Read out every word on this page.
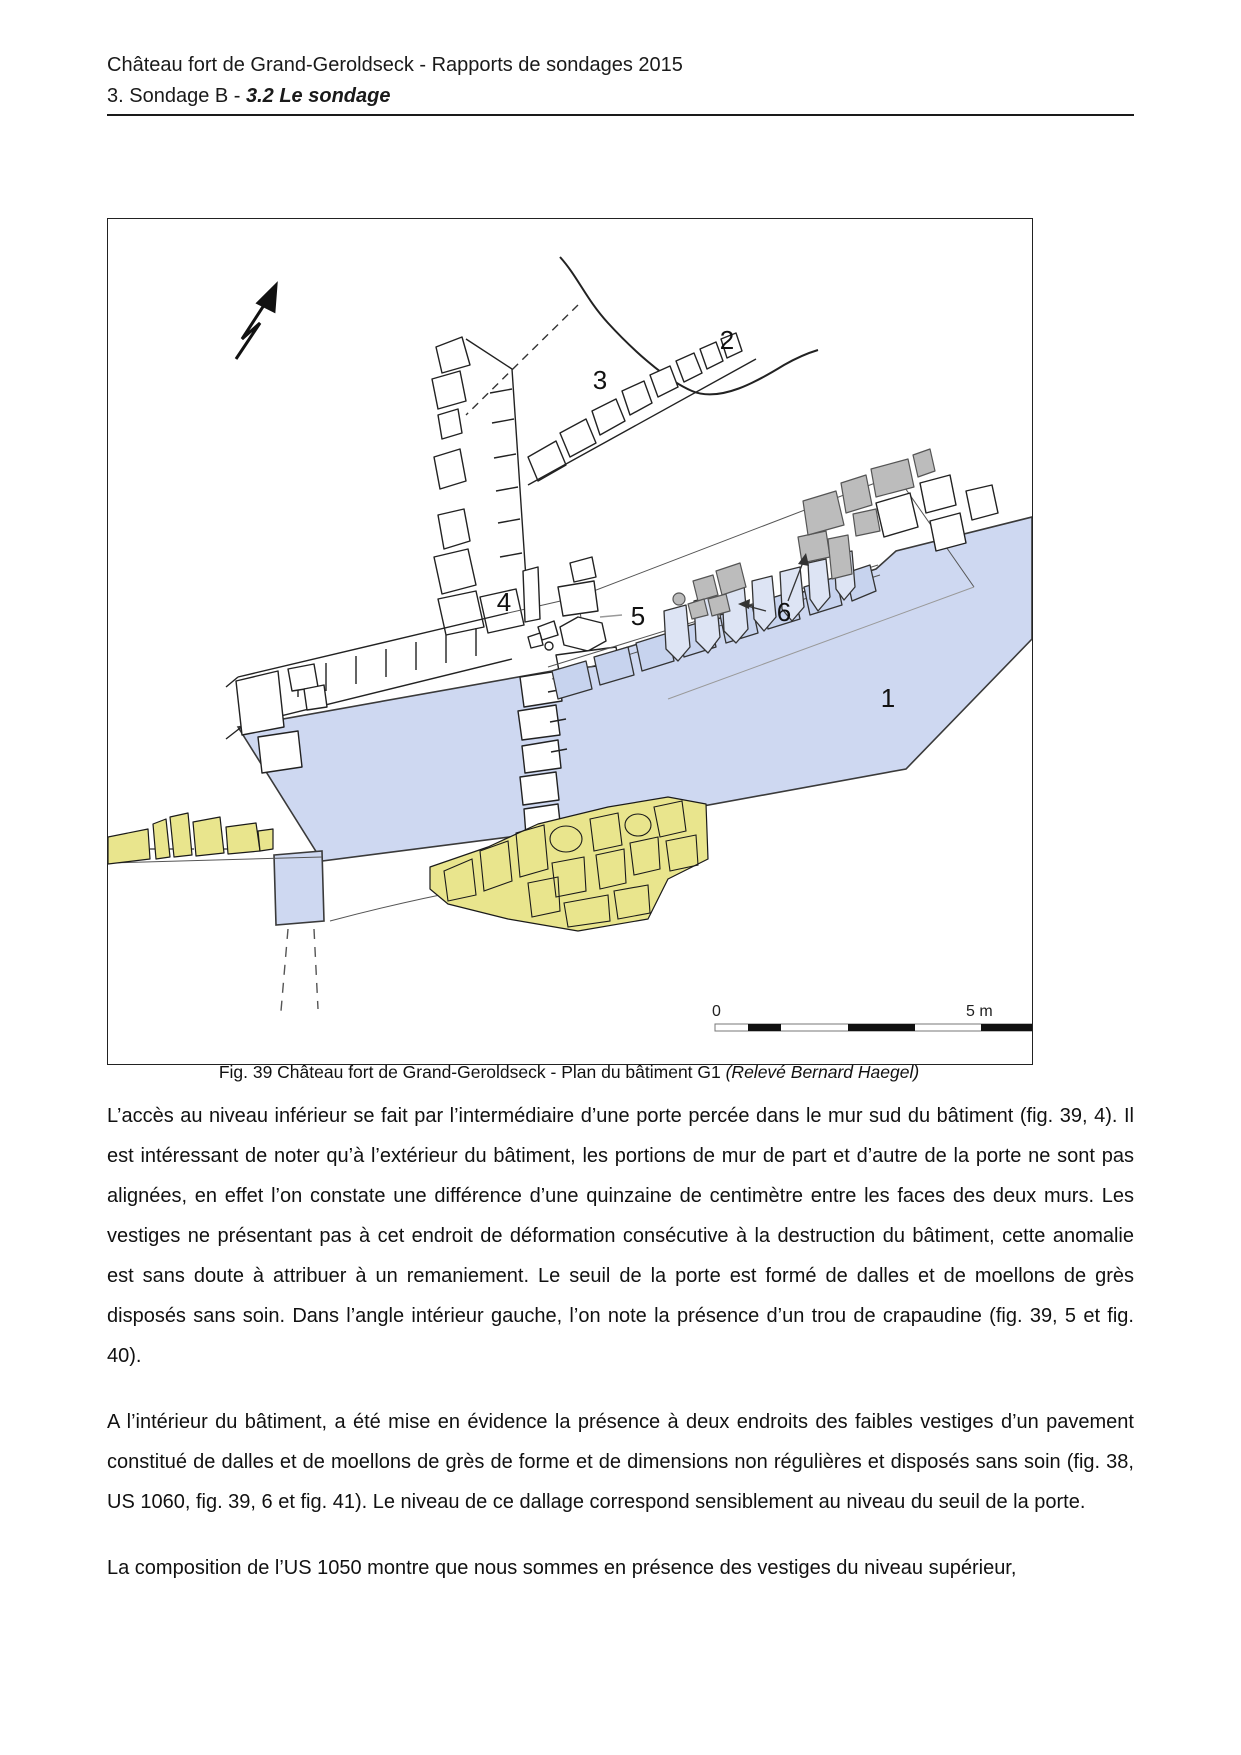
Château fort de Grand-Geroldseck - Rapports de sondages 2015
3. Sondage B - 3.2 Le sondage
1
2
3
4	5	6
0	5 m
Fig. 39 Château fort de Grand-Geroldseck - Plan du bâtiment G1 (Relevé Bernard Haegel)

L’accès au niveau inférieur se fait par l’intermédiaire d’une porte percée dans le mur sud du bâtiment (fig. 39, 4). Il est intéressant de noter qu’à l’extérieur du bâtiment, les portions de mur de part et d’autre de la porte ne sont pas alignées, en effet l’on constate une différence d’une quinzaine de centimètre entre les faces des deux murs. Les vestiges ne présentant pas à cet endroit de déformation consécutive à la destruction du bâtiment, cette anomalie est sans doute à attribuer à un remaniement. Le seuil de la porte est formé de dalles et de moellons de grès disposés sans soin. Dans l’angle intérieur gauche, l’on note la présence d’un trou de crapaudine (fig. 39, 5 et fig. 40).

A l’intérieur du bâtiment, a été mise en évidence la présence à deux endroits des faibles vestiges d’un pavement constitué de dalles et de moellons de grès de forme et de dimensions non régulières et disposés sans soin (fig. 38, US 1060, fig. 39, 6 et fig. 41). Le niveau de ce dallage correspond sensiblement au niveau du seuil de la porte.

La composition de l’US 1050 montre que nous sommes en présence des vestiges du niveau supérieur,
